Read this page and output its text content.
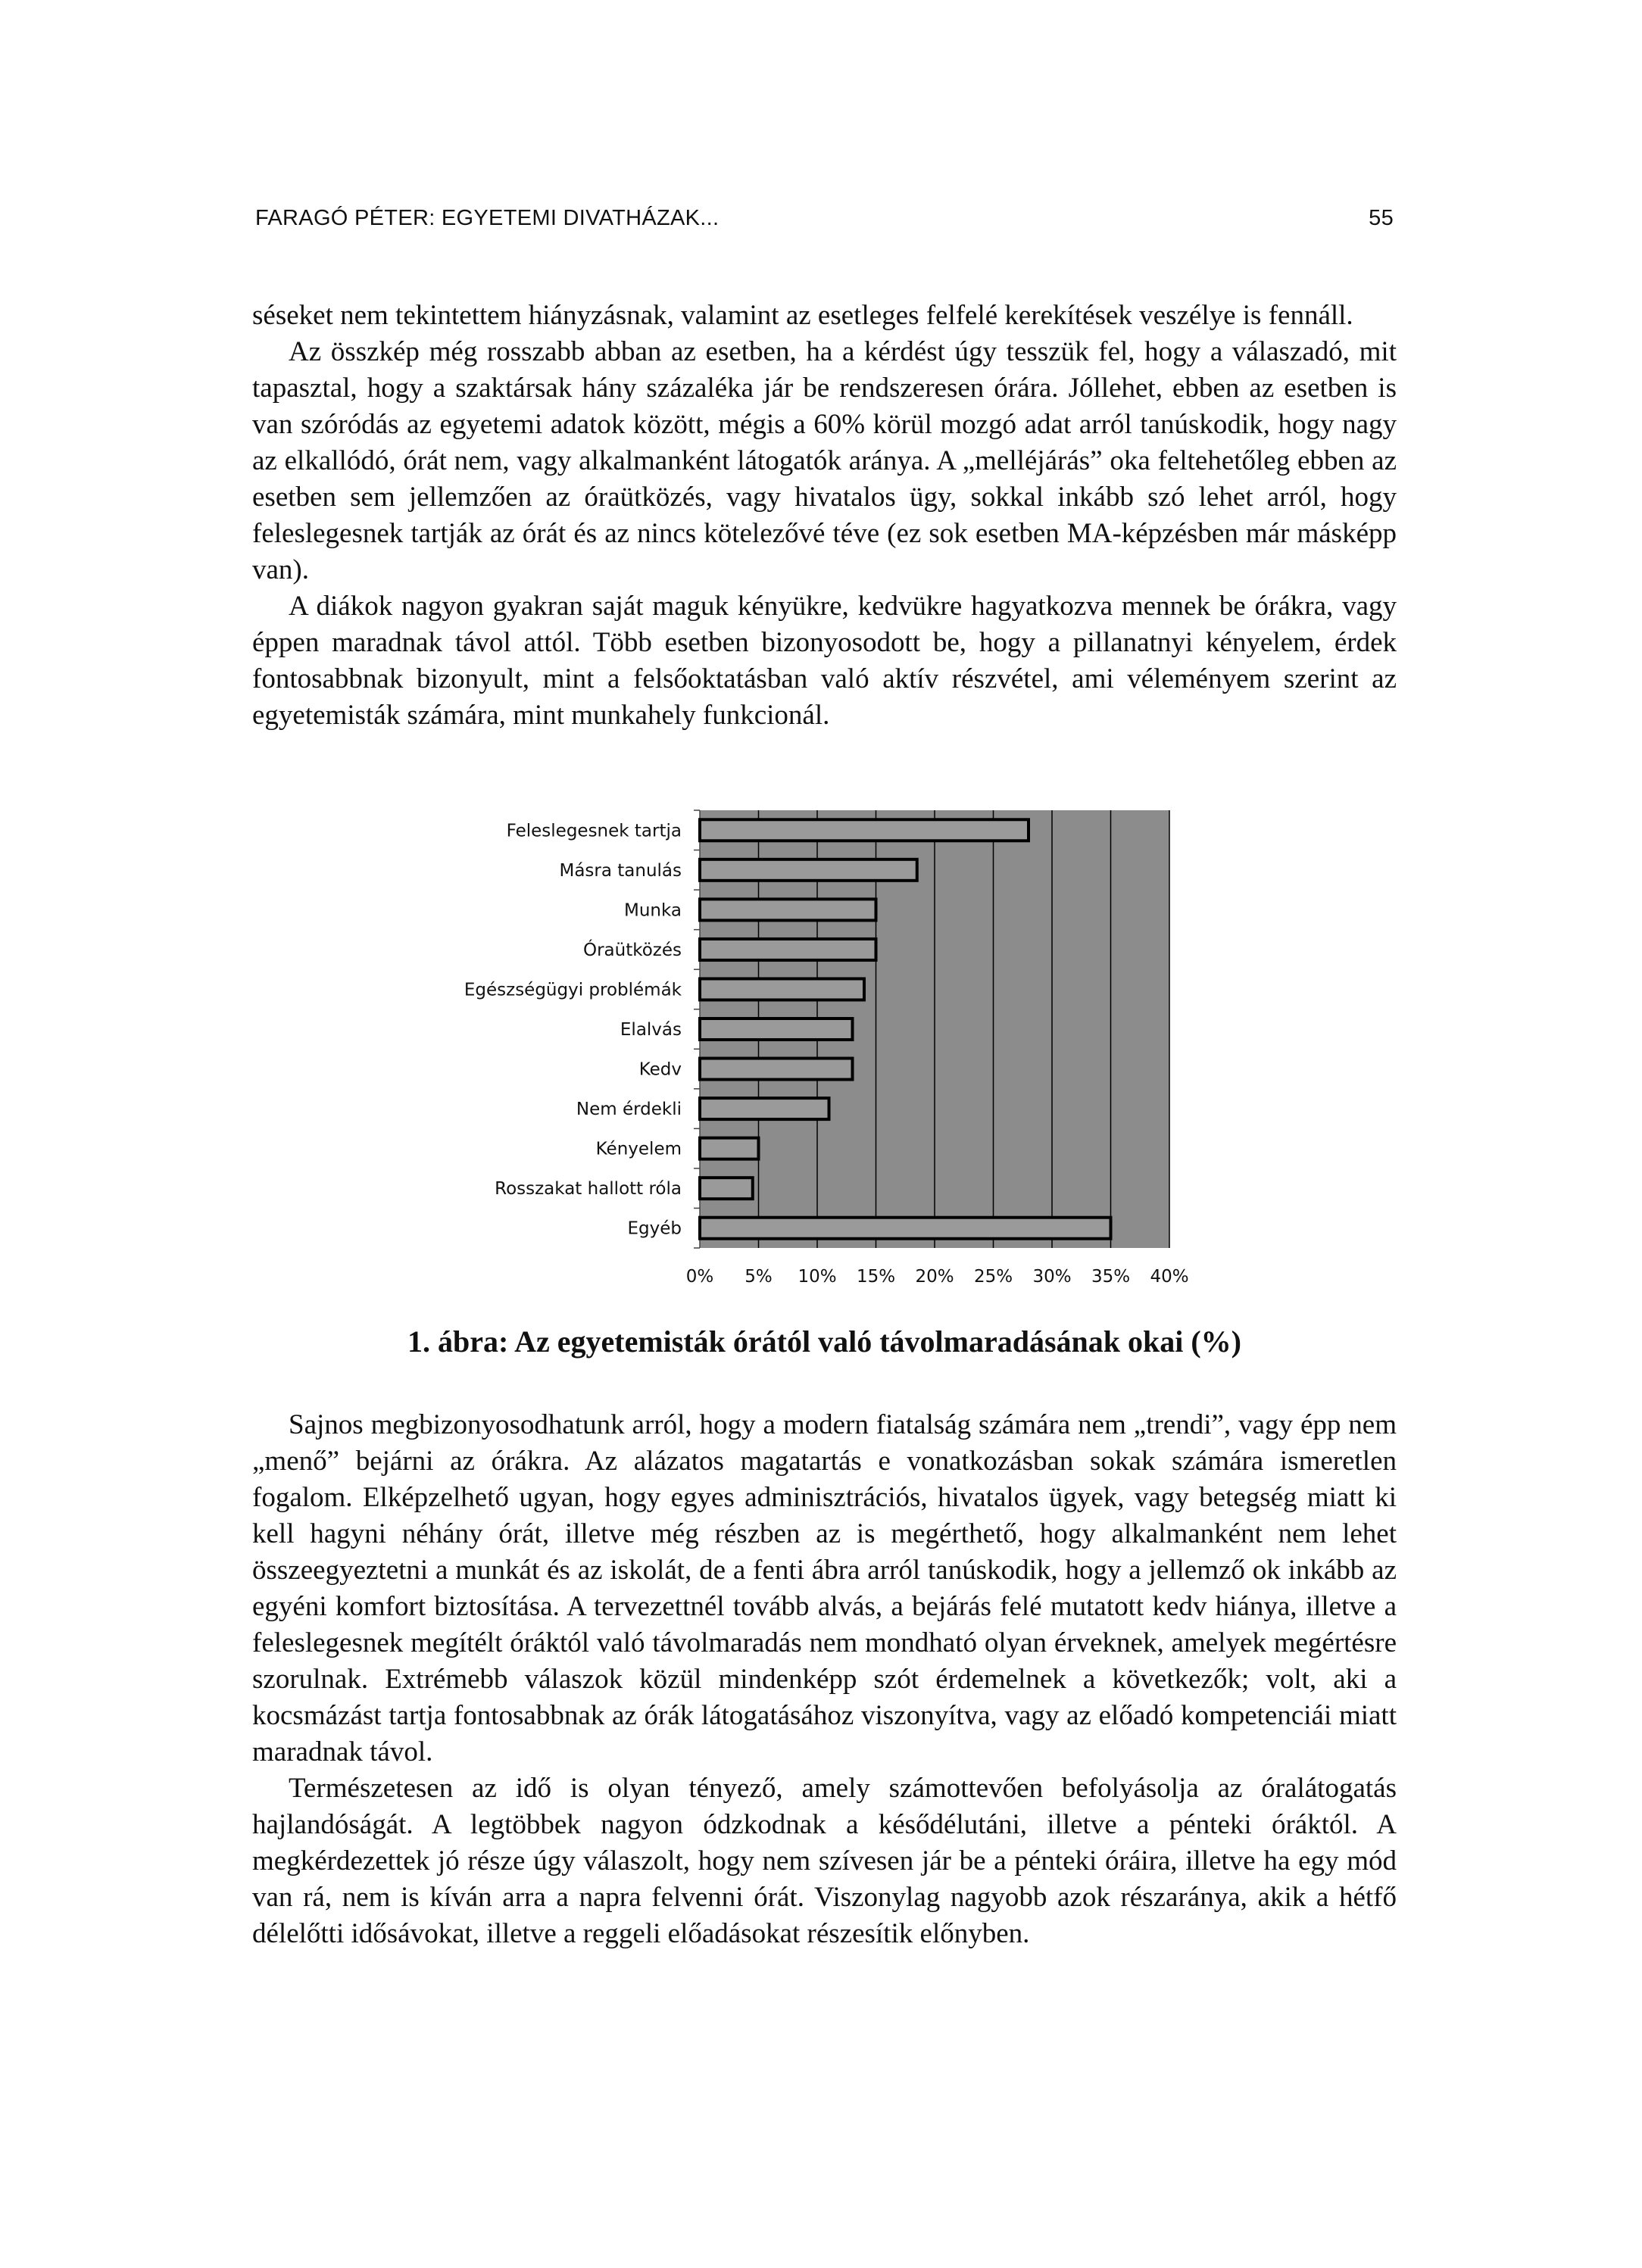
FARAGÓ PÉTER: EGYETEMI DIVATHÁZAK...	55

séseket nem tekintettem hiányzásnak, valamint az esetleges felfelé kerekítések veszélye is fennáll.

Az összkép még rosszabb abban az esetben, ha a kérdést úgy tesszük fel, hogy a válaszadó, mit tapasztal, hogy a szaktársak hány százaléka jár be rendszeresen órára. Jóllehet, ebben az esetben is van szóródás az egyetemi adatok között, mégis a 60% körül mozgó adat arról tanúskodik, hogy nagy az elkallódó, órát nem, vagy alkalmanként látogatók aránya. A „melléjárás” oka feltehetőleg ebben az esetben sem jellemzően az óraütközés, vagy hivatalos ügy, sokkal inkább szó lehet arról, hogy feleslegesnek tartják az órát és az nincs kötelezővé téve (ez sok esetben MA-képzésben már másképp van).

A diákok nagyon gyakran saját maguk kényükre, kedvükre hagyatkozva mennek be órákra, vagy éppen maradnak távol attól. Több esetben bizonyosodott be, hogy a pillanatnyi kényelem, érdek fontosabbnak bizonyult, mint a felsőoktatásban való aktív részvétel, ami véleményem szerint az egyetemisták számára, mint munkahely funkcionál.

Feleslegesnek tartja
Másra tanulás
Munka
Óraütközés
Egészségügyi problémák
Elalvás
Kedv
Nem érdekli
Kényelem
Rosszakat hallott róla
Egyéb
0% 5% 10% 15% 20% 25% 30% 35% 40%
1. ábra: Az egyetemisták órától való távolmaradásának okai (%)

Sajnos megbizonyosodhatunk arról, hogy a modern fiatalság számára nem „trendi”, vagy épp nem „menő” bejárni az órákra. Az alázatos magatartás e vonatkozásban sokak számára ismeretlen fogalom. Elképzelhető ugyan, hogy egyes adminisztrációs, hivatalos ügyek, vagy betegség miatt ki kell hagyni néhány órát, illetve még részben az is megérthető, hogy alkalmanként nem lehet összeegyeztetni a munkát és az iskolát, de a fenti ábra arról tanúskodik, hogy a jellemző ok inkább az egyéni komfort biztosítása. A tervezettnél tovább alvás, a bejárás felé mutatott kedv hiánya, illetve a feleslegesnek megítélt óráktól való távolmaradás nem mondható olyan érveknek, amelyek megértésre szorulnak. Extrémebb válaszok közül mindenképp szót érdemelnek a következők; volt, aki a kocsmázást tartja fontosabbnak az órák látogatásához viszonyítva, vagy az előadó kompetenciái miatt maradnak távol.

Természetesen az idő is olyan tényező, amely számottevően befolyásolja az óralátogatás hajlandóságát. A legtöbbek nagyon ódzkodnak a késődélutáni, illetve a pénteki óráktól. A megkérdezettek jó része úgy válaszolt, hogy nem szívesen jár be a pénteki óráira, illetve ha egy mód van rá, nem is kíván arra a napra felvenni órát. Viszonylag nagyobb azok részaránya, akik a hétfő délelőtti idősávokat, illetve a reggeli előadásokat részesítik előnyben.
